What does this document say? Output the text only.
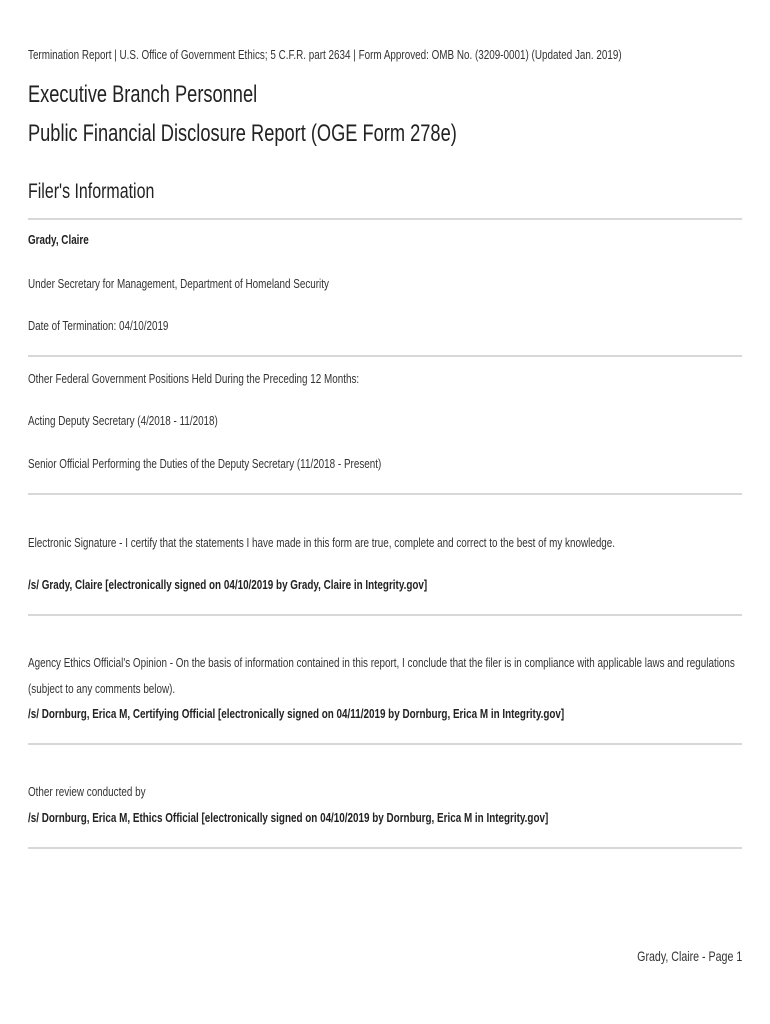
Termination Report | U.S. Office of Government Ethics; 5 C.F.R. part 2634 | Form Approved: OMB No. (3209-0001) (Updated Jan. 2019)
Executive Branch Personnel
Public Financial Disclosure Report (OGE Form 278e)
Filer's Information
Grady, Claire
Under Secretary for Management, Department of Homeland Security
Date of Termination: 04/10/2019
Other Federal Government Positions Held During the Preceding 12 Months:
Acting Deputy Secretary (4/2018 - 11/2018)
Senior Official Performing the Duties of the Deputy Secretary (11/2018 - Present)
Electronic Signature - I certify that the statements I have made in this form are true, complete and correct to the best of my knowledge.
/s/ Grady, Claire [electronically signed on 04/10/2019 by Grady, Claire in Integrity.gov]
Agency Ethics Official's Opinion - On the basis of information contained in this report, I conclude that the filer is in compliance with applicable laws and regulations
(subject to any comments below).
/s/ Dornburg, Erica M, Certifying Official [electronically signed on 04/11/2019 by Dornburg, Erica M in Integrity.gov]
Other review conducted by
/s/ Dornburg, Erica M, Ethics Official [electronically signed on 04/10/2019 by Dornburg, Erica M in Integrity.gov]
Grady, Claire - Page 1
